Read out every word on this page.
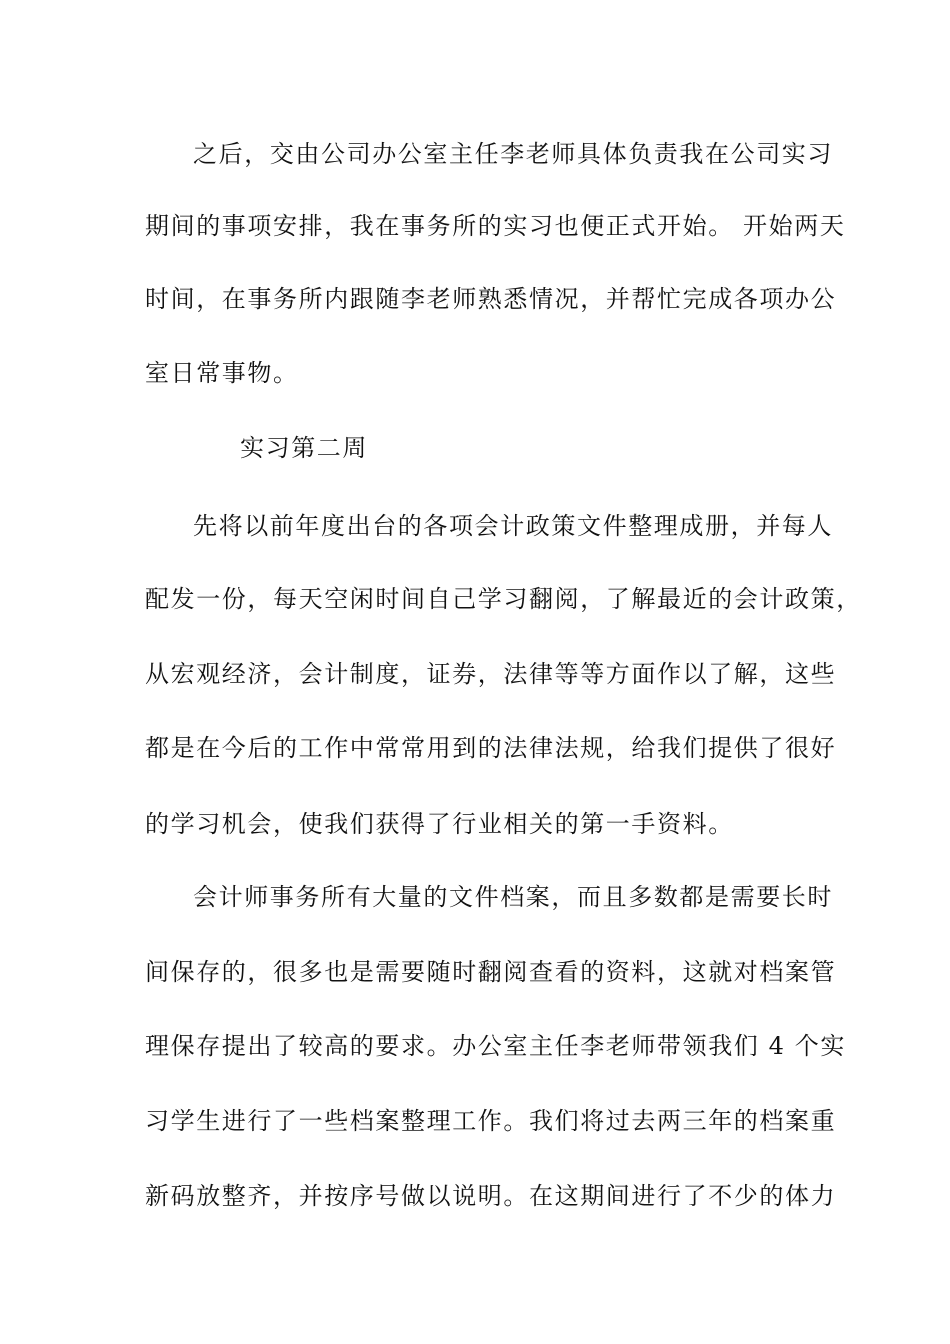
之后，交由公司办公室主任李老师具体负责我在公司实习
期间的事项安排，我在事务所的实习也便正式开始。 开始两天
时间，在事务所内跟随李老师熟悉情况，并帮忙完成各项办公
室日常事物。
实习第二周
先将以前年度出台的各项会计政策文件整理成册，并每人
配发一份，每天空闲时间自己学习翻阅，了解最近的会计政策，
从宏观经济，会计制度，证券，法律等等方面作以了解，这些
都是在今后的工作中常常用到的法律法规，给我们提供了很好
的学习机会，使我们获得了行业相关的第一手资料。
会计师事务所有大量的文件档案，而且多数都是需要长时
间保存的，很多也是需要随时翻阅查看的资料，这就对档案管
理保存提出了较高的要求。办公室主任李老师带领我们 4 个实
习学生进行了一些档案整理工作。我们将过去两三年的档案重
新码放整齐，并按序号做以说明。在这期间进行了不少的体力
